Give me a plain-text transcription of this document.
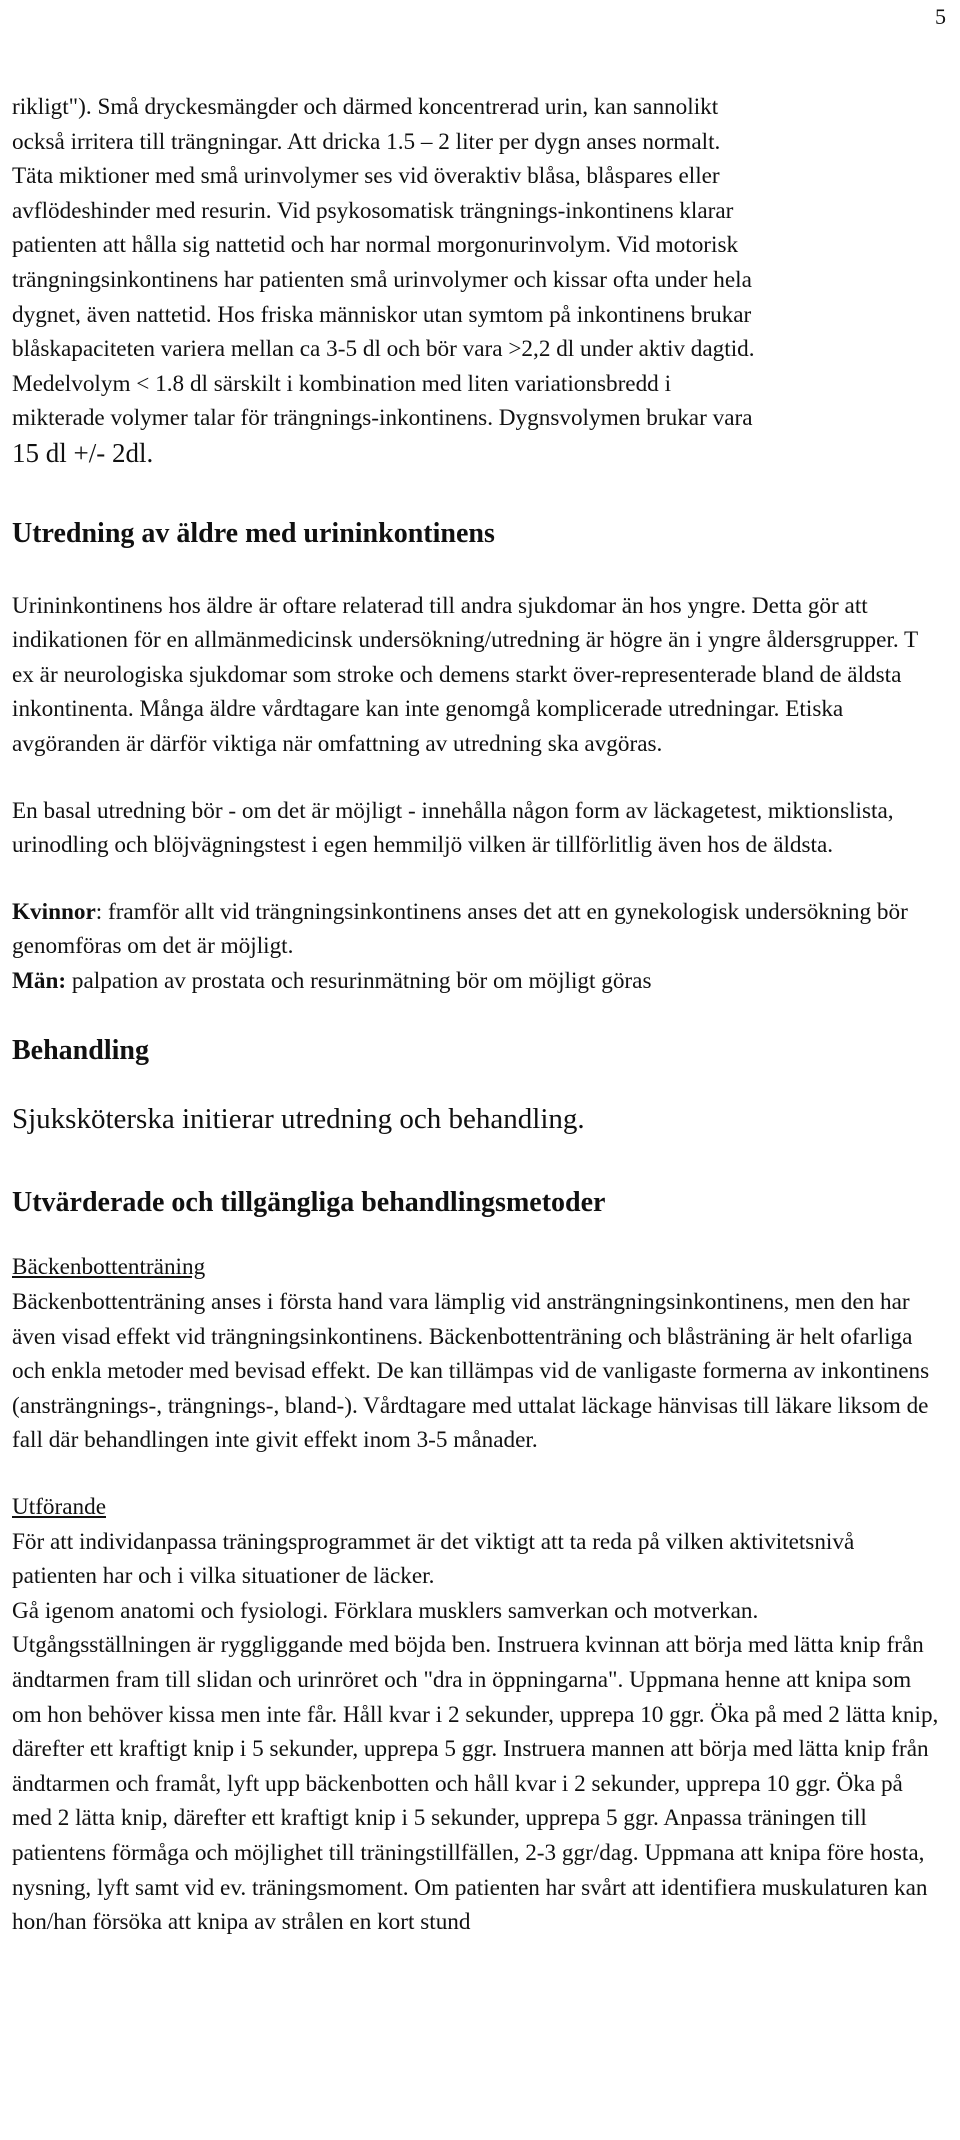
5
rikligt"). Små dryckesmängder och därmed koncentrerad urin, kan sannolikt
också irritera till trängningar. Att dricka 1.5 – 2 liter per dygn anses normalt.
Täta miktioner med små urinvolymer ses vid överaktiv blåsa, blåspares eller
avflödeshinder med resurin. Vid psykosomatisk trängnings-inkontinens klarar
patienten att hålla sig nattetid och har normal morgonurinvolym. Vid motorisk
trängningsinkontinens har patienten små urinvolymer och kissar ofta under hela
dygnet, även nattetid. Hos friska människor utan symtom på inkontinens brukar
blåskapaciteten variera mellan ca 3-5 dl och bör vara >2,2 dl under aktiv dagtid.
Medelvolym < 1.8 dl särskilt i kombination med liten variationsbredd i
mikterade volymer talar för trängnings-inkontinens. Dygnsvolymen brukar vara
15 dl +/- 2dl.
Utredning av äldre med urininkontinens

Urininkontinens hos äldre är oftare relaterad till andra sjukdomar än hos yngre. Detta gör att indikationen för en allmänmedicinsk undersökning/utredning är högre än i yngre åldersgrupper. T ex är neurologiska sjukdomar som stroke och demens starkt över-representerade bland de äldsta inkontinenta. Många äldre vårdtagare kan inte genomgå komplicerade utredningar. Etiska avgöranden är därför viktiga när omfattning av utredning ska avgöras.

En basal utredning bör - om det är möjligt - innehålla någon form av läckagetest, miktionslista, urinodling och blöjvägningstest i egen hemmiljö vilken är tillförlitlig även hos de äldsta.

Kvinnor: framför allt vid trängningsinkontinens anses det att en gynekologisk undersökning bör genomföras om det är möjligt.
Män: palpation av prostata och resurinmätning bör om möjligt göras
Behandling
Sjuksköterska initierar utredning och behandling.
Utvärderade och tillgängliga behandlingsmetoder
Bäckenbottenträning

Bäckenbottenträning anses i första hand vara lämplig vid ansträngningsinkontinens, men den har även visad effekt vid trängningsinkontinens. Bäckenbottenträning och blåsträning är helt ofarliga och enkla metoder med bevisad effekt. De kan tillämpas vid de vanligaste formerna av inkontinens (ansträngnings-, trängnings-, bland-). Vårdtagare med uttalat läckage hänvisas till läkare liksom de fall där behandlingen inte givit effekt inom 3-5 månader.

Utförande

För att individanpassa träningsprogrammet är det viktigt att ta reda på vilken aktivitetsnivå patienten har och i vilka situationer de läcker.

Gå igenom anatomi och fysiologi. Förklara musklers samverkan och motverkan. Utgångsställningen är ryggliggande med böjda ben. Instruera kvinnan att börja med lätta knip från ändtarmen fram till slidan och urinröret och "dra in öppningarna". Uppmana henne att knipa som om hon behöver kissa men inte får. Håll kvar i 2 sekunder, upprepa 10 ggr. Öka på med 2 lätta knip, därefter ett kraftigt knip i 5 sekunder, upprepa 5 ggr. Instruera mannen att börja med lätta knip från ändtarmen och framåt, lyft upp bäckenbotten och håll kvar i 2 sekunder, upprepa 10 ggr. Öka på med 2 lätta knip, därefter ett kraftigt knip i 5 sekunder, upprepa 5 ggr. Anpassa träningen till patientens förmåga och möjlighet till träningstillfällen, 2-3 ggr/dag. Uppmana att knipa före hosta, nysning, lyft samt vid ev. träningsmoment. Om patienten har svårt att identifiera muskulaturen kan hon/han försöka att knipa av strålen en kort stund
